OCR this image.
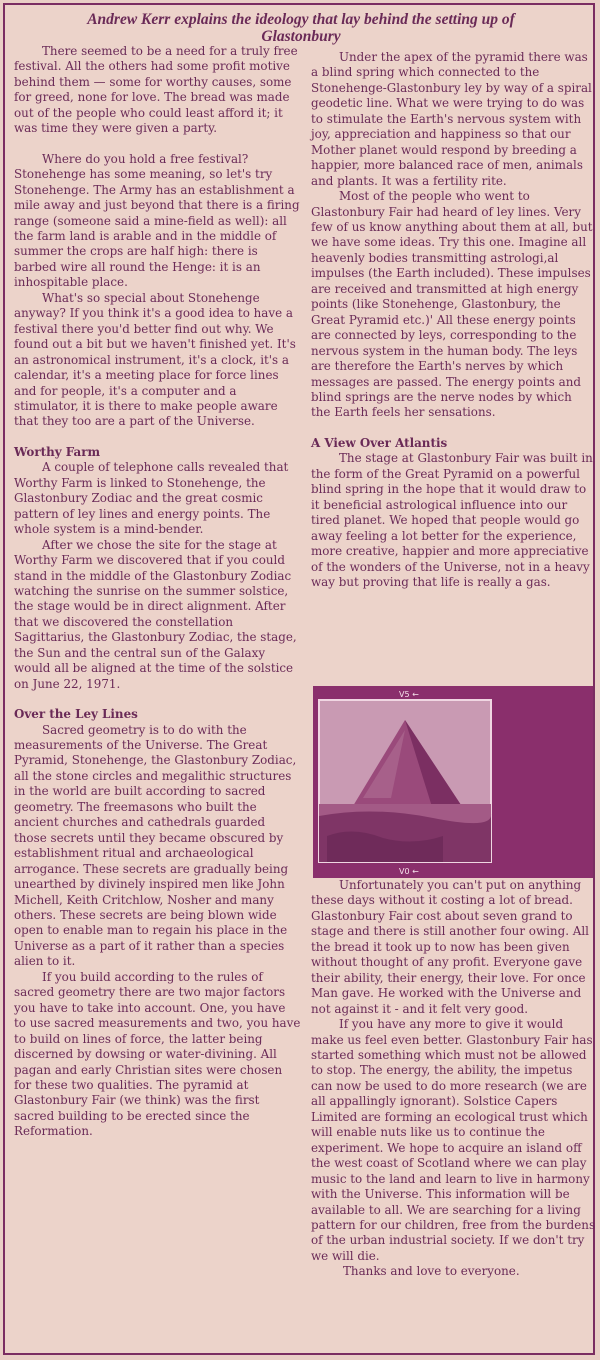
Andrew Kerr explains the ideology that lay behind the setting up of
Glastonbury

There seemed to be a need for a truly free festival. All the others had some profit motive behind them — some for worthy causes, some for greed, none for love. The bread was made out of the people who could least afford it; it was time they were given a party.

Where do you hold a free festival? Stonehenge has some meaning, so let's try Stonehenge. The Army has an establishment a mile away and just beyond that there is a firing range (someone said a mine-field as well): all the farm land is arable and in the middle of summer the crops are half high: there is barbed wire all round the Henge: it is an inhospitable place.

What's so special about Stonehenge anyway? If you think it's a good idea to have a festival there you'd better find out why. We found out a bit but we haven't finished yet. It's an astronomical instrument, it's a clock, it's a calendar, it's a meeting place for force lines and for people, it's a computer and a stimulator, it is there to make people aware that they too are a part of the Universe.

Worthy Farm

A couple of telephone calls revealed that Worthy Farm is linked to Stonehenge, the Glastonbury Zodiac and the great cosmic pattern of ley lines and energy points. The whole system is a mind-bender.

After we chose the site for the stage at Worthy Farm we discovered that if you could stand in the middle of the Glastonbury Zodiac watching the sunrise on the summer solstice, the stage would be in direct alignment. After that we discovered the constellation Sagittarius, the Glastonbury Zodiac, the stage, the Sun and the central sun of the Galaxy would all be aligned at the time of the solstice on June 22, 1971.

Over the Ley Lines

Sacred geometry is to do with the measurements of the Universe. The Great Pyramid, Stonehenge, the Glastonbury Zodiac, all the stone circles and megalithic structures in the world are built according to sacred geometry. The freemasons who built the ancient churches and cathedrals guarded those secrets until they became obscured by establishment ritual and archaeological arrogance. These secrets are gradually being unearthed by divinely inspired men like John Michell, Keith Critchlow, Nosher and many others. These secrets are being blown wide open to enable man to regain his place in the Universe as a part of it rather than a species alien to it.

If you build according to the rules of sacred geometry there are two major factors you have to take into account. One, you have to use sacred measurements and two, you have to build on lines of force, the latter being discerned by dowsing or water-divining. All pagan and early Christian sites were chosen for these two qualities. The pyramid at Glastonbury Fair (we think) was the first sacred building to be erected since the Reformation.

Under the apex of the pyramid there was a blind spring which connected to the Stonehenge-Glastonbury ley by way of a spiral geodetic line. What we were trying to do was to stimulate the Earth's nervous system with joy, appreciation and happiness so that our Mother planet would respond by breeding a happier, more balanced race of men, animals and plants. It was a fertility rite.

Most of the people who went to Glastonbury Fair had heard of ley lines. Very few of us know anything about them at all, but we have some ideas. Try this one. Imagine all heavenly bodies transmitting astrologi,al impulses (the Earth included). These impulses are received and transmitted at high energy points (like Stonehenge, Glastonbury, the Great Pyramid etc.)' All these energy points are connected by leys, corresponding to the nervous system in the human body. The leys are therefore the Earth's nerves by which messages are passed. The energy points and blind springs are the nerve nodes by which the Earth feels her sensations.

A View Over Atlantis

The stage at Glastonbury Fair was built in the form of the Great Pyramid on a powerful blind spring in the hope that it would draw to it beneficial astrological influence into our tired planet. We hoped that people would go away feeling a lot better for the experience, more creative, happier and more appreciative of the wonders of the Universe, not in a heavy way but proving that life is really a gas.

V5 ←
V0 ←

Unfortunately you can't put on anything these days without it costing a lot of bread. Glastonbury Fair cost about seven grand to stage and there is still another four owing. All the bread it took up to now has been given without thought of any profit. Everyone gave their ability, their energy, their love. For once Man gave. He worked with the Universe and not against it - and it felt very good.

If you have any more to give it would make us feel even better. Glastonbury Fair has started something which must not be allowed to stop. The energy, the ability, the impetus can now be used to do more research (we are all appallingly ignorant). Solstice Capers Limited are forming an ecological trust which will enable nuts like us to continue the experiment. We hope to acquire an island off the west coast of Scotland where we can play music to the land and learn to live in harmony with the Universe. This information will be available to all. We are searching for a living pattern for our children, free from the burdens of the urban industrial society. If we don't try we will die.

Thanks and love to everyone.
